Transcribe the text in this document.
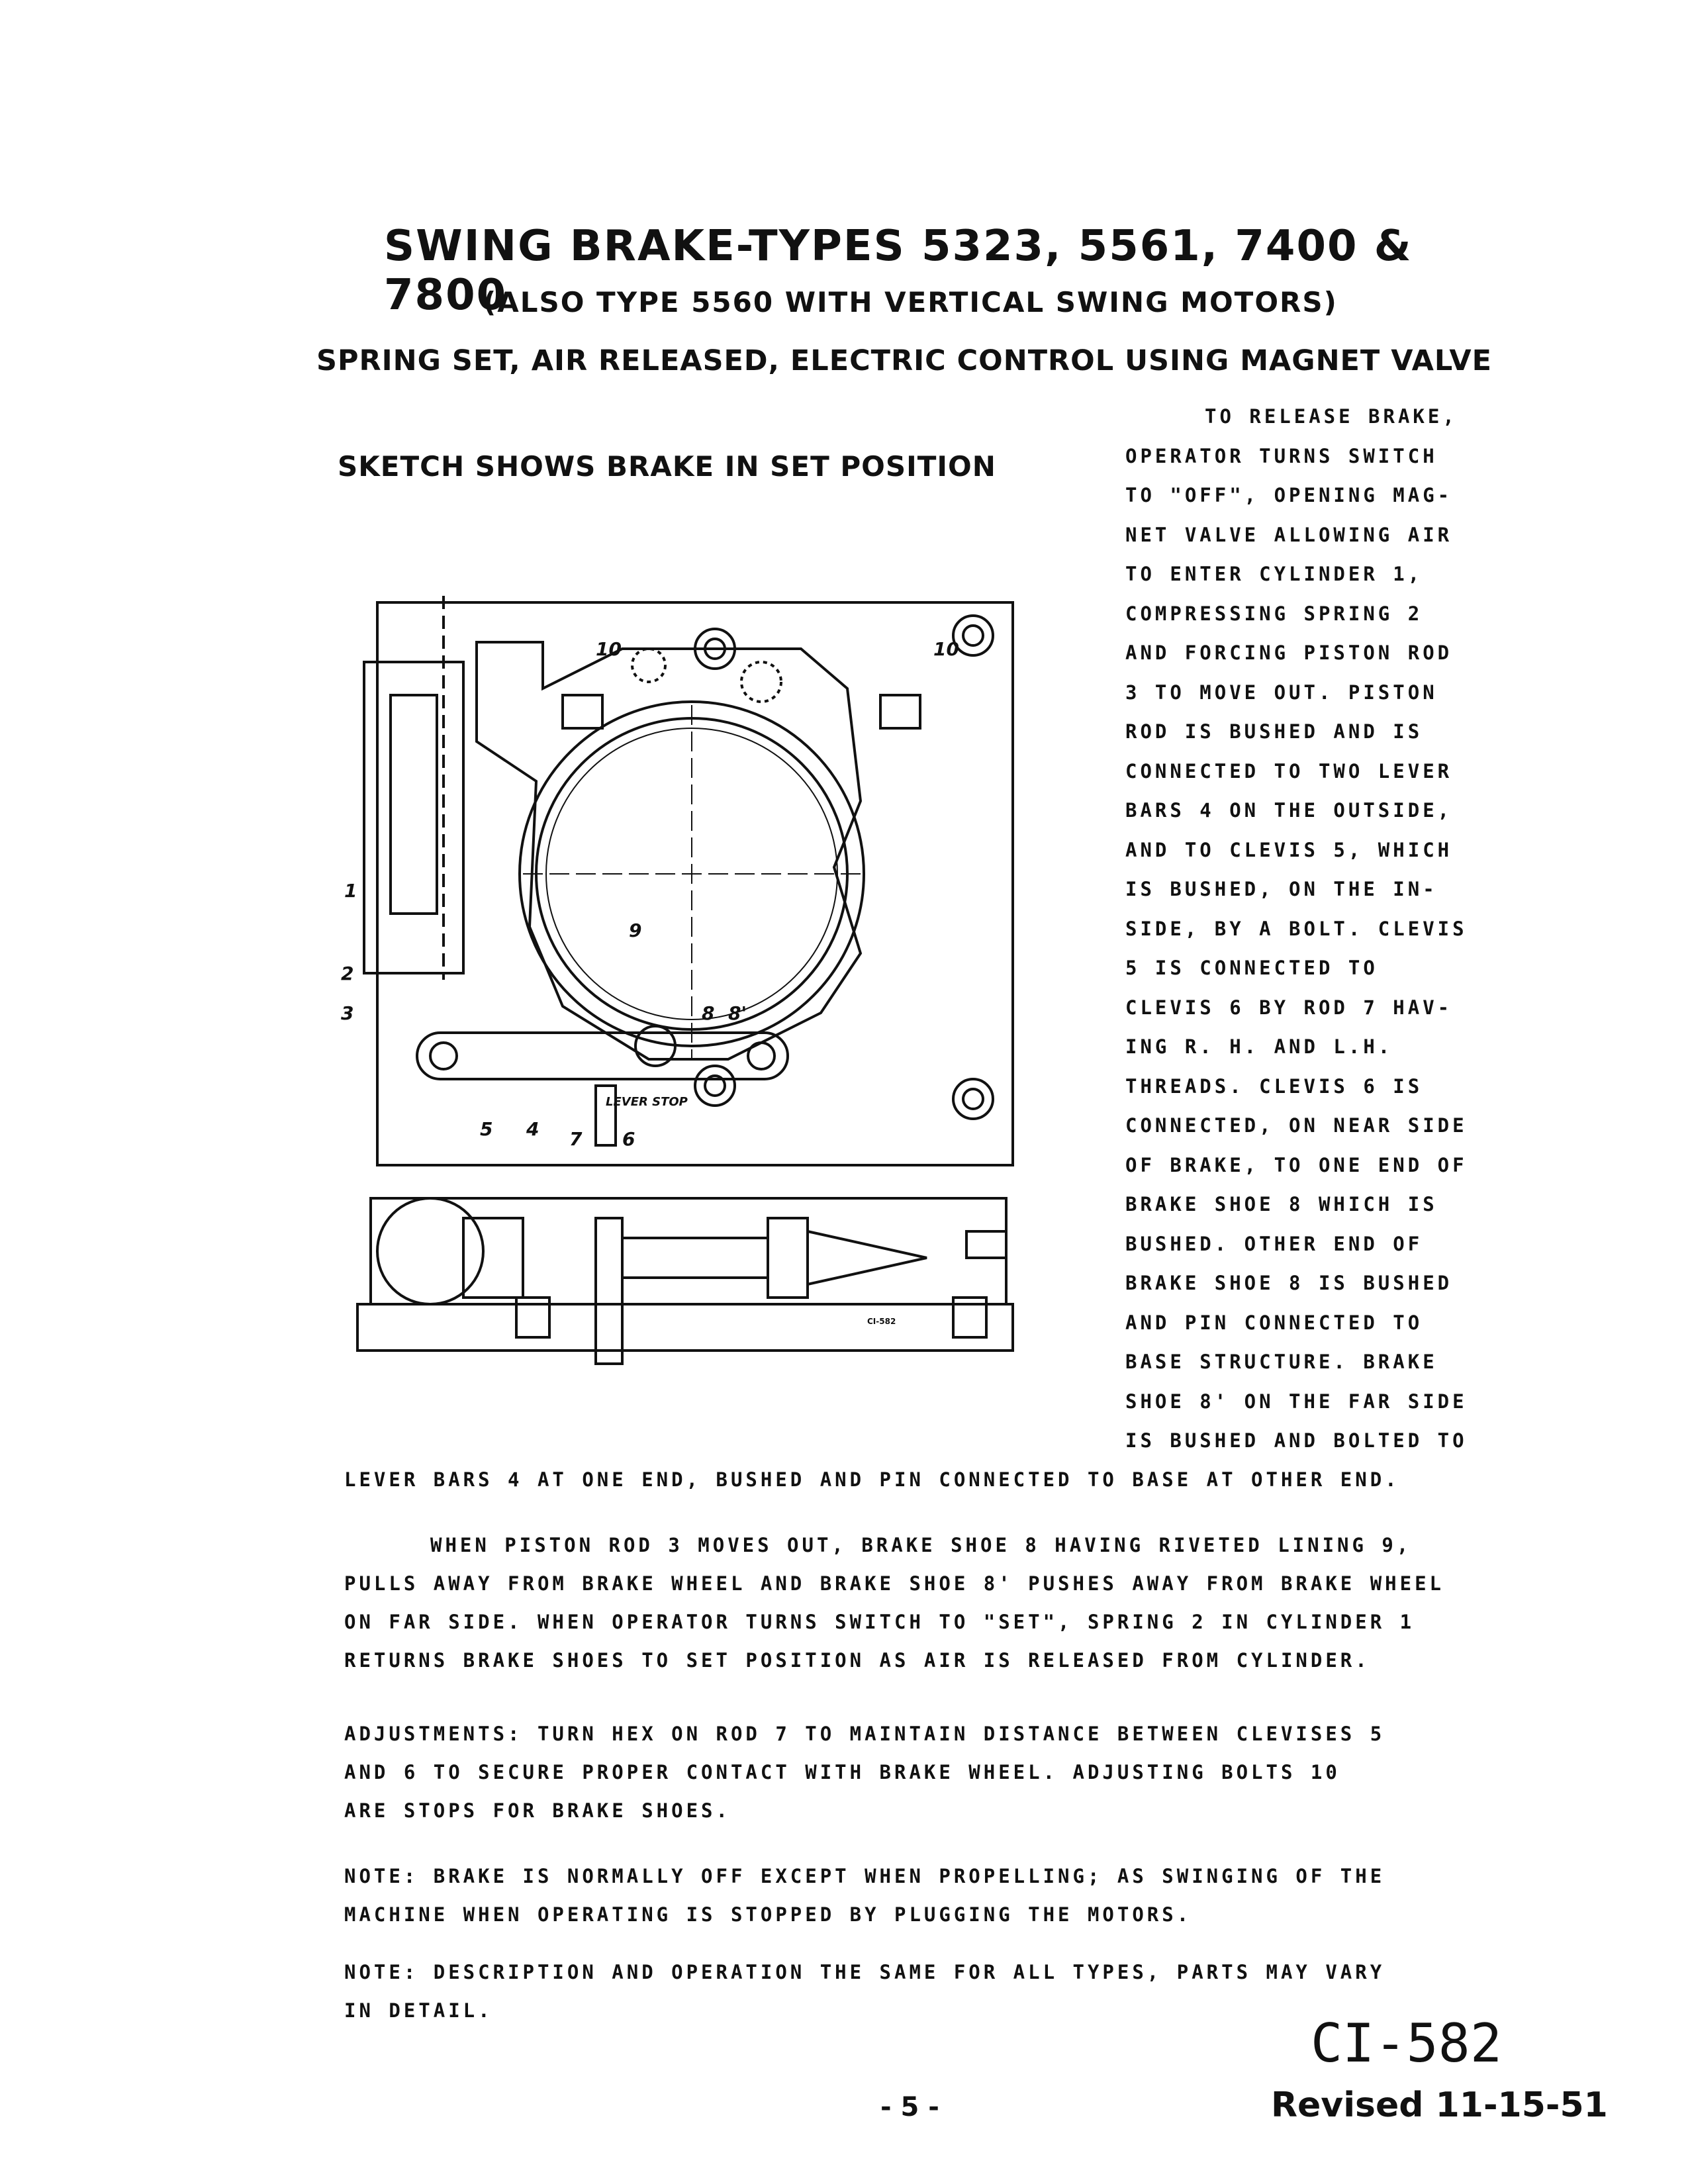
SWING BRAKE-TYPES 5323, 5561, 7400 & 7800
(ALSO TYPE 5560 WITH VERTICAL SWING MOTORS)
SPRING SET, AIR RELEASED, ELECTRIC CONTROL USING MAGNET VALVE
SKETCH SHOWS BRAKE IN SET POSITION
1
2
3
4
5	6
7
8 8'
9
10	10
LEVER STOP
CI-582
TO RELEASE BRAKE,
OPERATOR TURNS SWITCH
TO "OFF", OPENING MAG-
NET VALVE ALLOWING AIR
TO ENTER CYLINDER 1,
COMPRESSING SPRING 2
AND FORCING PISTON ROD
3 TO MOVE OUT. PISTON
ROD IS BUSHED AND IS
CONNECTED TO TWO LEVER
BARS 4 ON THE OUTSIDE,
AND TO CLEVIS 5, WHICH
IS BUSHED, ON THE IN-
SIDE, BY A BOLT. CLEVIS
5 IS CONNECTED TO
CLEVIS 6 BY ROD 7 HAV-
ING R. H. AND L.H.
THREADS. CLEVIS 6 IS
CONNECTED, ON NEAR SIDE
OF BRAKE, TO ONE END OF
BRAKE SHOE 8 WHICH IS
BUSHED. OTHER END OF
BRAKE SHOE 8 IS BUSHED
AND PIN CONNECTED TO
BASE STRUCTURE. BRAKE
SHOE 8' ON THE FAR SIDE
IS BUSHED AND BOLTED TO
LEVER BARS 4 AT ONE END, BUSHED AND PIN CONNECTED TO BASE AT OTHER END.
WHEN PISTON ROD 3 MOVES OUT, BRAKE SHOE 8 HAVING RIVETED LINING 9,
PULLS AWAY FROM BRAKE WHEEL AND BRAKE SHOE 8' PUSHES AWAY FROM BRAKE WHEEL
ON FAR SIDE. WHEN OPERATOR TURNS SWITCH TO "SET", SPRING 2 IN CYLINDER 1
RETURNS BRAKE SHOES TO SET POSITION AS AIR IS RELEASED FROM CYLINDER.
ADJUSTMENTS: TURN HEX ON ROD 7 TO MAINTAIN DISTANCE BETWEEN CLEVISES 5
AND 6 TO SECURE PROPER CONTACT WITH BRAKE WHEEL. ADJUSTING BOLTS 10
ARE STOPS FOR BRAKE SHOES.
NOTE: BRAKE IS NORMALLY OFF EXCEPT WHEN PROPELLING; AS SWINGING OF THE
MACHINE WHEN OPERATING IS STOPPED BY PLUGGING THE MOTORS.
NOTE: DESCRIPTION AND OPERATION THE SAME FOR ALL TYPES, PARTS MAY VARY
IN DETAIL.
- 5 -
CI-582
Revised 11-15-51
